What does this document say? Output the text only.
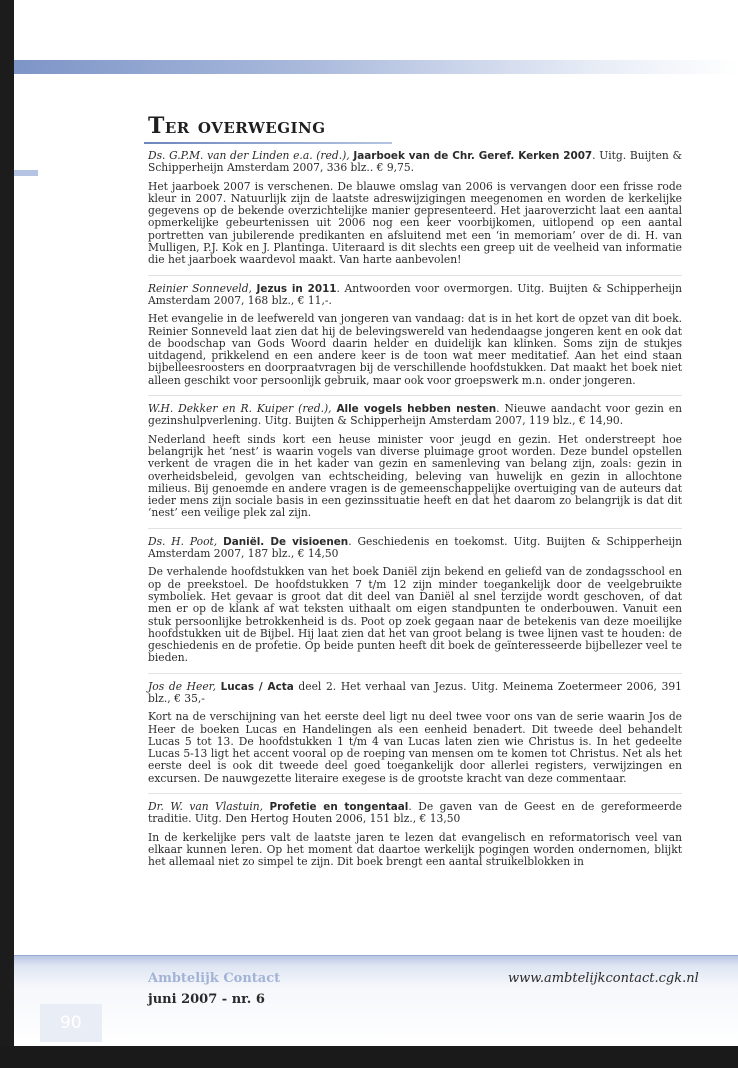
Ter overweging

Ds. G.P.M. van der Linden e.a. (red.), Jaarboek van de Chr. Geref. Kerken 2007. Uitg. Buijten & Schipperheijn Amsterdam 2007, 336 blz.. € 9,75.

Het jaarboek 2007 is verschenen. De blauwe omslag van 2006 is vervangen door een frisse rode kleur in 2007. Natuurlijk zijn de laatste adreswijzigingen meegenomen en worden de kerkelijke gegevens op de bekende overzichtelijke manier gepresenteerd. Het jaaroverzicht laat een aantal opmerkelijke gebeurtenissen uit 2006 nog een keer voorbijkomen, uitlopend op een aantal portretten van jubilerende predikanten en afsluitend met een ‘in memoriam’ over de di. H. van Mulligen, P.J. Kok en J. Plantinga. Uiteraard is dit slechts een greep uit de veelheid van informatie die het jaarboek waardevol maakt. Van harte aanbevolen!

Reinier Sonneveld, Jezus in 2011. Antwoorden voor overmorgen. Uitg. Buijten & Schipperheijn Amsterdam 2007, 168 blz., € 11,-.

Het evangelie in de leefwereld van jongeren van vandaag: dat is in het kort de opzet van dit boek. Reinier Sonneveld laat zien dat hij de belevingswereld van hedendaagse jongeren kent en ook dat de boodschap van Gods Woord daarin helder en duidelijk kan klinken. Soms zijn de stukjes uitdagend, prikkelend en een andere keer is de toon wat meer meditatief. Aan het eind staan bijbelleesroosters en doorpraatvragen bij de verschillende hoofdstukken. Dat maakt het boek niet alleen geschikt voor persoonlijk gebruik, maar ook voor groepswerk m.n. onder jongeren.

W.H. Dekker en R. Kuiper (red.), Alle vogels hebben nesten. Nieuwe aandacht voor gezin en gezinshulpverlening. Uitg. Buijten & Schipperheijn Amsterdam 2007, 119 blz., € 14,90.

Nederland heeft sinds kort een heuse minister voor jeugd en gezin. Het onderstreept hoe belangrijk het ‘nest’ is waarin vogels van diverse pluimage groot worden. Deze bundel opstellen verkent de vragen die in het kader van gezin en samenleving van belang zijn, zoals: gezin in overheidsbeleid, gevolgen van echtscheiding, beleving van huwelijk en gezin in allochtone milieus. Bij genoemde en andere vragen is de gemeenschappelijke overtuiging van de auteurs dat ieder mens zijn sociale basis in een gezinssituatie heeft en dat het daarom zo belangrijk is dat dit ‘nest’ een veilige plek zal zijn.

Ds. H. Poot, Daniël. De visioenen. Geschiedenis en toekomst. Uitg. Buijten & Schipperheijn Amsterdam 2007, 187 blz., € 14,50

De verhalende hoofdstukken van het boek Daniël zijn bekend en geliefd van de zondagsschool en op de preekstoel. De hoofdstukken 7 t/m 12 zijn minder toegankelijk door de veelgebruikte symboliek. Het gevaar is groot dat dit deel van Daniël al snel terzijde wordt geschoven, of dat men er op de klank af wat teksten uithaalt om eigen standpunten te onderbouwen. Vanuit een stuk persoonlijke betrokkenheid is ds. Poot op zoek gegaan naar de betekenis van deze moeilijke hoofdstukken uit de Bijbel. Hij laat zien dat het van groot belang is twee lijnen vast te houden: de geschiedenis en de profetie. Op beide punten heeft dit boek de geïnteresseerde bijbellezer veel te bieden.

Jos de Heer, Lucas / Acta deel 2. Het verhaal van Jezus. Uitg. Meinema Zoetermeer 2006, 391 blz., € 35,-

Kort na de verschijning van het eerste deel ligt nu deel twee voor ons van de serie waarin Jos de Heer de boeken Lucas en Handelingen als een eenheid benadert. Dit tweede deel behandelt Lucas 5 tot 13. De hoofdstukken 1 t/m 4 van Lucas laten zien wie Christus is. In het gedeelte Lucas 5-13 ligt het accent vooral op de roeping van mensen om te komen tot Christus. Net als het eerste deel is ook dit tweede deel goed toegankelijk door allerlei registers, verwijzingen en excursen. De nauwgezette literaire exegese is de grootste kracht van deze commentaar.

Dr. W. van Vlastuin, Profetie en tongentaal. De gaven van de Geest en de gereformeerde traditie. Uitg. Den Hertog Houten 2006, 151 blz., € 13,50

In de kerkelijke pers valt de laatste jaren te lezen dat evangelisch en reformatorisch veel van elkaar kunnen leren. Op het moment dat daartoe werkelijk pogingen worden ondernomen, blijkt het allemaal niet zo simpel te zijn. Dit boek brengt een aantal struikelblokken in

90
Ambtelijk Contact
juni 2007 - nr. 6
www.ambtelijkcontact.cgk.nl
